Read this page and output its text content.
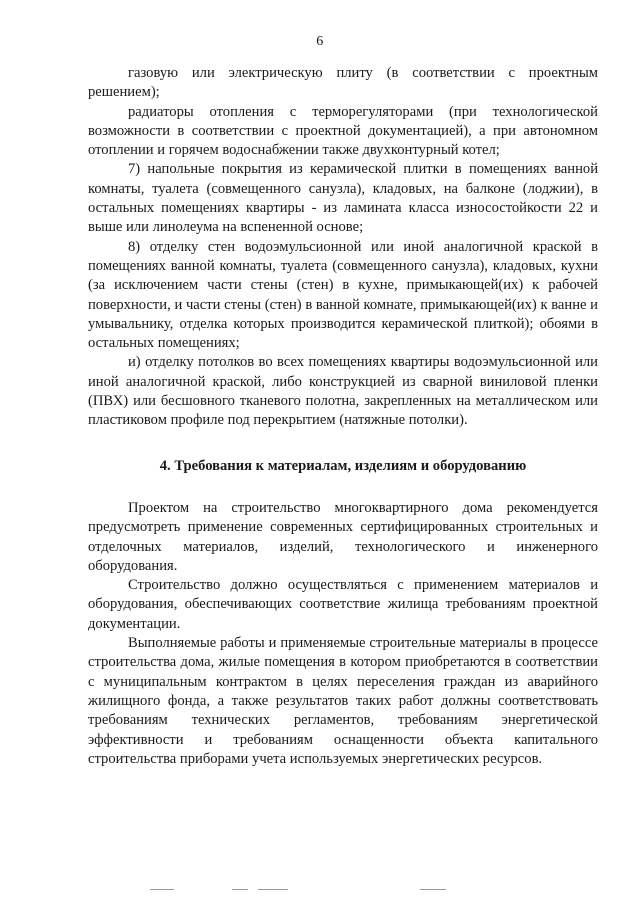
6

газовую или электрическую плиту (в соответствии с проектным решением);

радиаторы отопления с терморегуляторами (при технологической возможности в соответствии с проектной документацией), а при автономном отоплении и горячем водоснабжении также двухконтурный котел;

7) напольные покрытия из керамической плитки в помещениях ванной комнаты, туалета (совмещенного санузла), кладовых, на балконе (лоджии), в остальных помещениях квартиры - из ламината класса износостойкости 22 и выше или линолеума на вспененной основе;

8) отделку стен водоэмульсионной или иной аналогичной краской в помещениях ванной комнаты, туалета (совмещенного санузла), кладовых, кухни (за исключением части стены (стен) в кухне, примыкающей(их) к рабочей поверхности, и части стены (стен) в ванной комнате, примыкающей(их) к ванне и умывальнику, отделка которых производится керамической плиткой); обоями в остальных помещениях;

и) отделку потолков во всех помещениях квартиры водоэмульсионной или иной аналогичной краской, либо конструкцией из сварной виниловой пленки (ПВХ) или бесшовного тканевого полотна, закрепленных на металлическом или пластиковом профиле под перекрытием (натяжные потолки).

4. Требования к материалам, изделиям и оборудованию

Проектом на строительство многоквартирного дома рекомендуется предусмотреть применение современных сертифицированных строительных и отделочных материалов, изделий, технологического и инженерного оборудования.

Строительство должно осуществляться с применением материалов и оборудования, обеспечивающих соответствие жилища требованиям проектной документации.

Выполняемые работы и применяемые строительные материалы в процессе строительства дома, жилые помещения в котором приобретаются в соответствии с муниципальным контрактом в целях переселения граждан из аварийного жилищного фонда, а также результатов таких работ должны соответствовать требованиям технических регламентов, требованиям энергетической эффективности и требованиям оснащенности объекта капитального строительства приборами учета используемых энергетических ресурсов.
